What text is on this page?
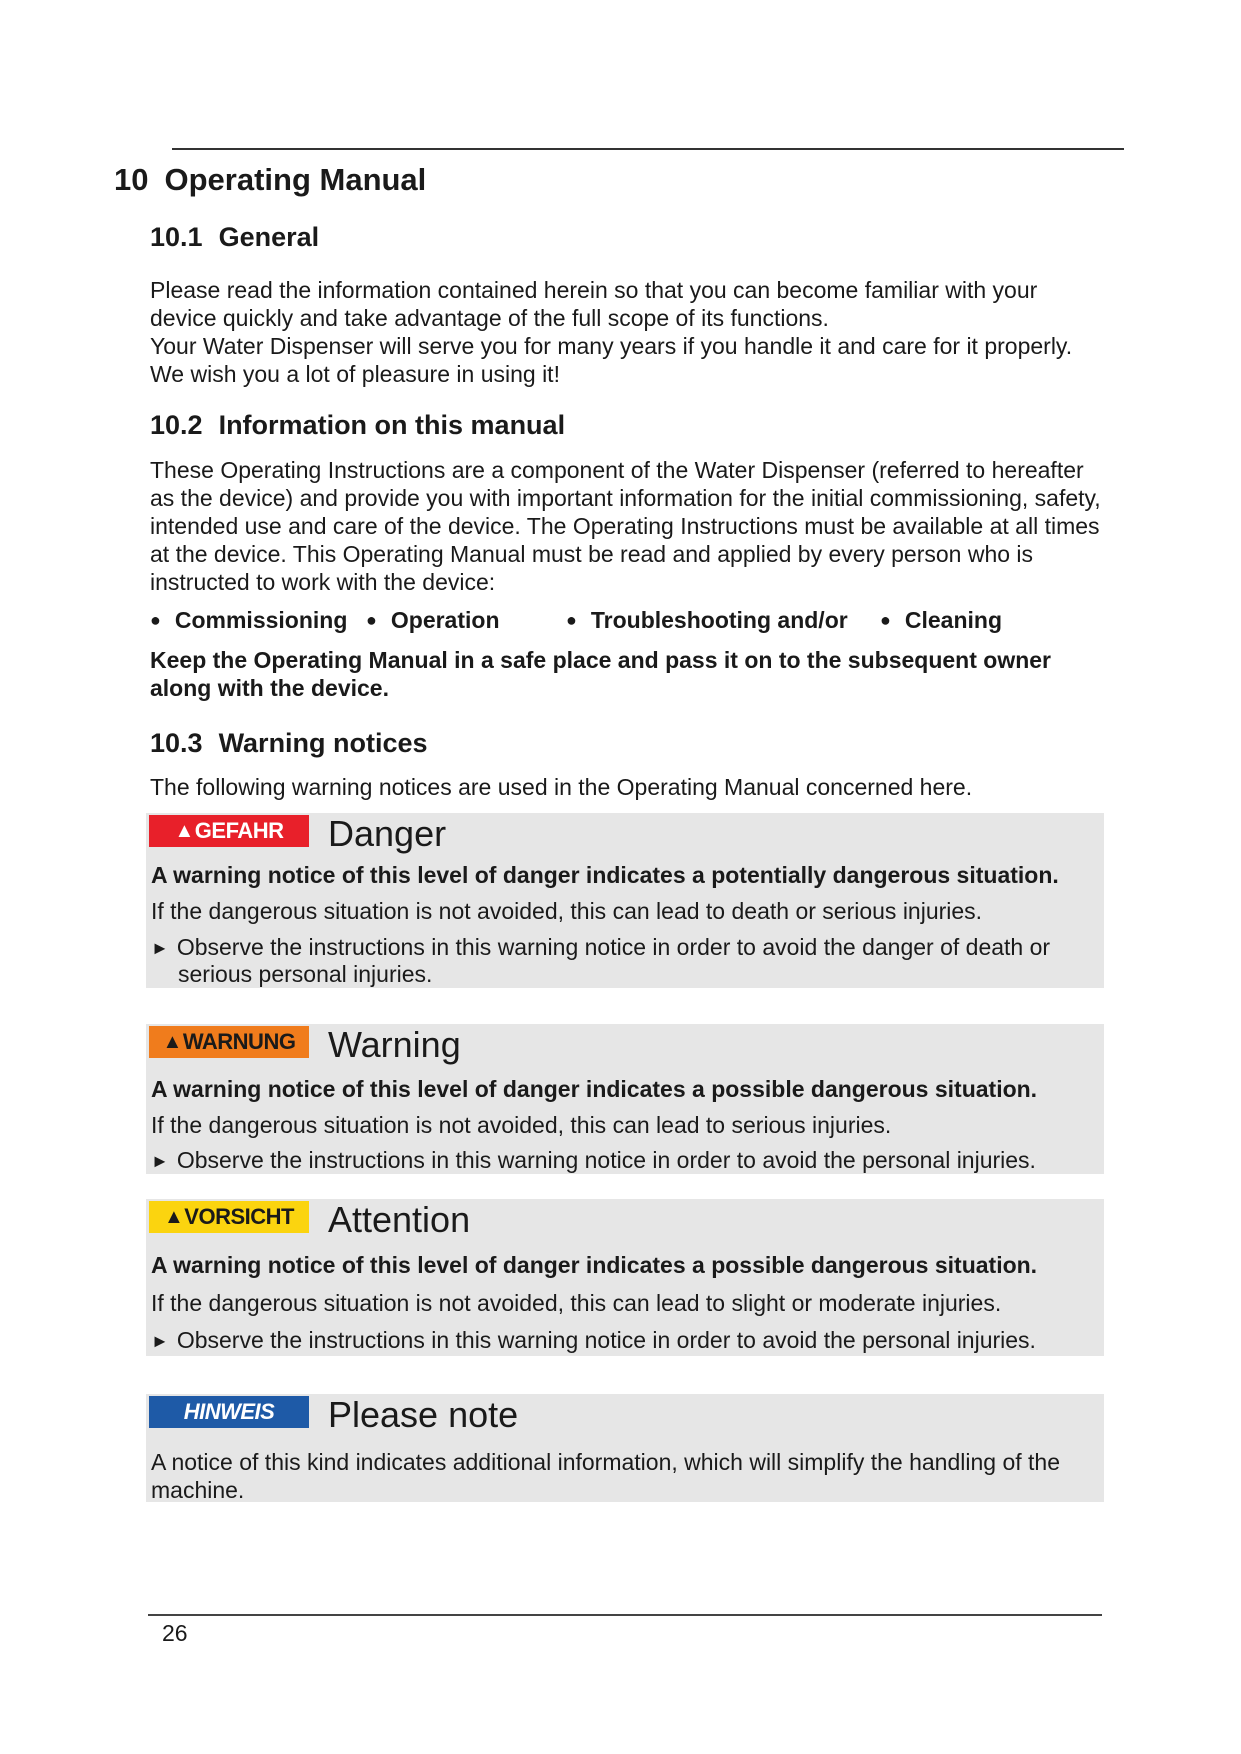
10 Operating Manual
10.1 General

Please read the information contained herein so that you can become familiar with your device quickly and take advantage of the full scope of its functions.

Your Water Dispenser will serve you for many years if you handle it and care for it properly. We wish you a lot of pleasure in using it!

10.2 Information on this manual

These Operating Instructions are a component of the Water Dispenser (referred to hereafter as the device) and provide you with important information for the initial commissioning, safety, intended use and care of the device. The Operating Instructions must be available at all times at the device. This Operating Manual must be read and applied by every person who is instructed to work with the device:

● Commissioning ● Operation	● Troubleshooting and/or ● Cleaning

Keep the Operating Manual in a safe place and pass it on to the subsequent owner along with the device.

10.3 Warning notices

The following warning notices are used in the Operating Manual concerned here.

▲ GEFAHR Danger
A warning notice of this level of danger indicates a potentially dangerous situation.
If the dangerous situation is not avoided, this can lead to death or serious injuries.
► Observe the instructions in this warning notice in order to avoid the danger of death or
serious personal injuries.
▲ WARNUNG Warning
A warning notice of this level of danger indicates a possible dangerous situation.
If the dangerous situation is not avoided, this can lead to serious injuries.
► Observe the instructions in this warning notice in order to avoid the personal injuries.
▲ VORSICHT Attention
A warning notice of this level of danger indicates a possible dangerous situation.
If the dangerous situation is not avoided, this can lead to slight or moderate injuries.
► Observe the instructions in this warning notice in order to avoid the personal injuries.
HINWEIS	Please note
A notice of this kind indicates additional information, which will simplify the handling of the machine.
26
